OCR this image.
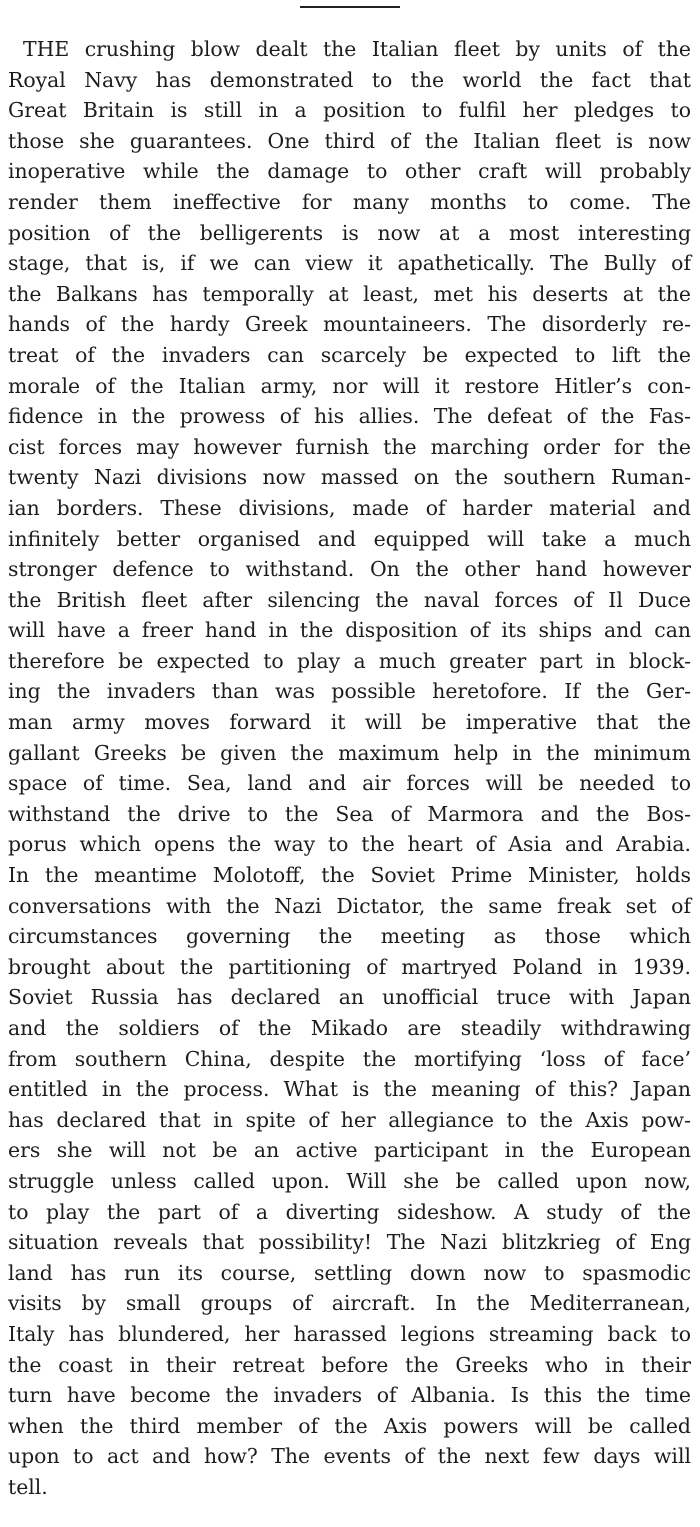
THE crushing blow dealt the Italian fleet by units of the
Royal Navy has demonstrated to the world the fact that
Great Britain is still in a position to fulfil her pledges to
those she guarantees. One third of the Italian fleet is now
inoperative while the damage to other craft will probably
render them ineffective for many months to come. The
position of the belligerents is now at a most interesting
stage, that is, if we can view it apathetically. The Bully of
the Balkans has temporally at least, met his deserts at the
hands of the hardy Greek mountaineers. The disorderly re-
treat of the invaders can scarcely be expected to lift the
morale of the Italian army, nor will it restore Hitler’s con-
fidence in the prowess of his allies. The defeat of the Fas-
cist forces may however furnish the marching order for the
twenty Nazi divisions now massed on the southern Ruman-
ian borders. These divisions, made of harder material and
infinitely better organised and equipped will take a much
stronger defence to withstand. On the other hand however
the British fleet after silencing the naval forces of Il Duce
will have a freer hand in the disposition of its ships and can
therefore be expected to play a much greater part in block-
ing the invaders than was possible heretofore. If the Ger-
man army moves forward it will be imperative that the
gallant Greeks be given the maximum help in the minimum
space of time. Sea, land and air forces will be needed to
withstand the drive to the Sea of Marmora and the Bos-
porus which opens the way to the heart of Asia and Arabia.
In the meantime Molotoff, the Soviet Prime Minister, holds
conversations with the Nazi Dictator, the same freak set of
circumstances governing the meeting as those which
brought about the partitioning of martryed Poland in 1939.
Soviet Russia has declared an unofficial truce with Japan
and the soldiers of the Mikado are steadily withdrawing
from southern China, despite the mortifying ‘loss of face’
entitled in the process. What is the meaning of this? Japan
has declared that in spite of her allegiance to the Axis pow-
ers she will not be an active participant in the European
struggle unless called upon. Will she be called upon now,
to play the part of a diverting sideshow. A study of the
situation reveals that possibility! The Nazi blitzkrieg of Eng
land has run its course, settling down now to spasmodic
visits by small groups of aircraft. In the Mediterranean,
Italy has blundered, her harassed legions streaming back to
the coast in their retreat before the Greeks who in their
turn have become the invaders of Albania. Is this the time
when the third member of the Axis powers will be called
upon to act and how? The events of the next few days will
tell.
